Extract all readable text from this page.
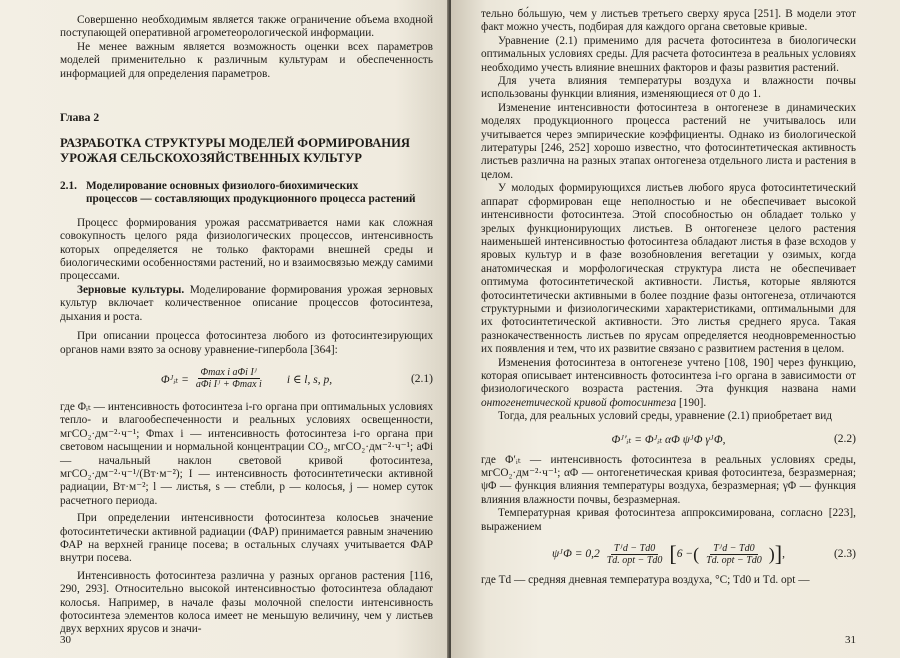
Совершенно необходимым является также ограничение объема входной поступающей оперативной агрометеорологической информации.

Не менее важным является возможность оценки всех параметров моделей применительно к различным культурам и обеспеченность информацией для определения параметров.

Глава 2
РАЗРАБОТКА СТРУКТУРЫ МОДЕЛЕЙ ФОРМИРОВАНИЯ УРОЖАЯ СЕЛЬСКОХОЗЯЙСТВЕННЫХ КУЛЬТУР
2.1. Моделирование основных физиолого-биохимических
процессов — составляющих продукционного процесса растений

Процесс формирования урожая рассматривается нами как сложная совокупность целого ряда физиологических процессов, интенсивность которых определяется не только факторами внешней среды и биологическими особенностями растений, но и взаимосвязью между самими процессами.

Зерновые культуры. Моделирование формирования урожая зерновых культур включает количественное описание процессов фотосинтеза, дыхания и роста.

При описании процесса фотосинтеза любого из фотосинтезирующих органов нами взято за основу уравнение-гипербола [364]:

Φᴶᵢₜ = $\frac{\text{Φmax i aΦi Iᴶ}}{\text{aΦi Iᴶ + Φmax i}}$ i ∈ l, s, p,	(2.1)

где Φᵢₜ — интенсивность фотосинтеза i-го органа при оптимальных условиях тепло- и влагообеспеченности и реальных условиях освещенности, мгCO₂·дм⁻²·ч⁻¹; Φmax i — интенсивность фотосинтеза i-го органа при световом насыщении и нормальной концентрации CO₂, мгCO₂·дм⁻²·ч⁻¹; aΦi — начальный наклон световой кривой фотосинтеза, мгCO₂·дм⁻²·ч⁻¹/(Вт·м⁻²); I — интенсивность фотосинтетически активной радиации, Вт·м⁻²; l — листья, s — стебли, p — колосья, j — номер суток расчетного периода.

При определении интенсивности фотосинтеза колосьев значение фотосинтетически активной радиации (ФАР) принимается равным значению ФАР на верхней границе посева; в остальных случаях учитывается ФАР внутри посева.

Интенсивность фотосинтеза различна у разных органов растения [116, 290, 293]. Относительно высокой интенсивностью фотосинтеза обладают колосья. Например, в начале фазы молочной спелости интенсивность фотосинтеза элементов колоса имеет не меньшую величину, чем у листьев двух верхних ярусов и значи-

30

тельно бо́льшую, чем у листьев третьего сверху яруса [251]. В модели этот факт можно учесть, подбирая для каждого органа световые кривые.

Уравнение (2.1) применимо для расчета фотосинтеза в биологически оптимальных условиях среды. Для расчета фотосинтеза в реальных условиях необходимо учесть влияние внешних факторов и фазы развития растений.

Для учета влияния температуры воздуха и влажности почвы использованы функции влияния, изменяющиеся от 0 до 1.

Изменение интенсивности фотосинтеза в онтогенезе в динамических моделях продукционного процесса растений не учитывалось или учитывается через эмпирические коэффициенты. Однако из биологической литературы [246, 252] хорошо известно, что фотосинтетическая активность листьев различна на разных этапах онтогенеза отдельного листа и растения в целом.

У молодых формирующихся листьев любого яруса фотосинтетический аппарат сформирован еще неполностью и не обеспечивает высокой интенсивности фотосинтеза. Этой способностью он обладает только у зрелых функционирующих листьев. В онтогенезе целого растения наименьшей интенсивностью фотосинтеза обладают листья в фазе всходов у яровых культур и в фазе возобновления вегетации у озимых, когда анатомическая и морфологическая структура листа не обеспечивает оптимума фотосинтетической активности. Листья, которые являются фотосинтетически активными в более поздние фазы онтогенеза, отличаются структурными и физиологическими характеристиками, оптимальными для их фотосинтетической активности. Это листья среднего яруса. Такая разнокачественность листьев по ярусам определяется неодновременностью их появления и тем, что их развитие связано с развитием растения в целом.

Изменения фотосинтеза в онтогенезе учтено [108, 190] через функцию, которая описывает интенсивность фотосинтеза i-го органа в зависимости от физиологического возраста растения. Эта функция названа нами онтогенетической кривой фотосинтеза [190].

Тогда, для реальных условий среды, уравнение (2.1) приобретает вид

Φᴶ′ᵢₜ = Φᴶᵢₜ αΦ ψᴶΦ γᴶΦ,	(2.2)

где Φ′ᵢₜ — интенсивность фотосинтеза в реальных условиях среды, мгCO₂·дм⁻²·ч⁻¹; αΦ — онтогенетическая кривая фотосинтеза, безразмерная; ψΦ — функция влияния температуры воздуха, безразмерная; γΦ — функция влияния влажности почвы, безразмерная.

Температурная кривая фотосинтеза аппроксимирована, согласно [223], выражением

ψᴶΦ = $0,2 \frac{\text{Tᴶd − Td0}}{\text{Td. opt − Td0}}$ [ 6 − ( $\frac{\text{Tᴶd − Td0}}{\text{Td. opt − Td0}}$ ) ] ,	(2.3)

где Td — средняя дневная температура воздуха, °C; Td0 и Td. opt —

31
